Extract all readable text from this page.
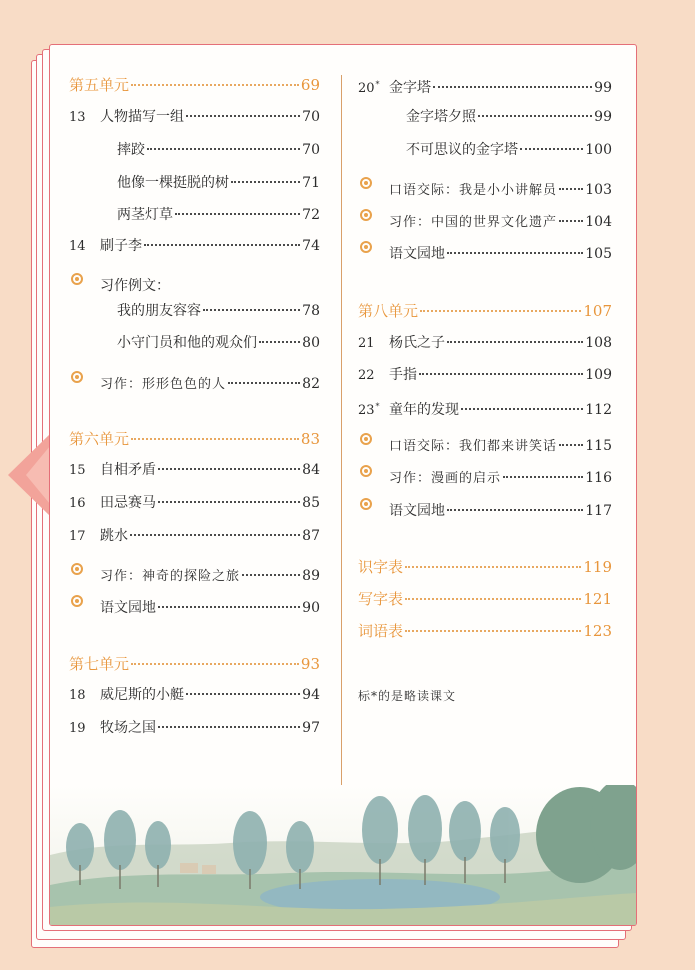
第五单元	69
13	人物描写一组	70
摔跤	70
他像一棵挺脱的树	71
两茎灯草	72
14	刷子李	74
习作例文：
我的朋友容容	78
小守门员和他的观众们	80
习作：形形色色的人	82
第六单元	83
15	自相矛盾	84
16	田忌赛马	85
17	跳水	87
习作：神奇的探险之旅	89
语文园地	90
第七单元	93
18	威尼斯的小艇	94
19	牧场之国	97
20* 金字塔	99
金字塔夕照	99
不可思议的金字塔	100
口语交际：我是小小讲解员 103
习作：中国的世界文化遗产 104
语文园地	105
第八单元	107
21	杨氏之子	108
22	手指	109
23* 童年的发现	112
口语交际：我们都来讲笑话 115
习作：漫画的启示	116
语文园地	117
识字表	119
写字表	121
词语表	123
标*的是略读课文
